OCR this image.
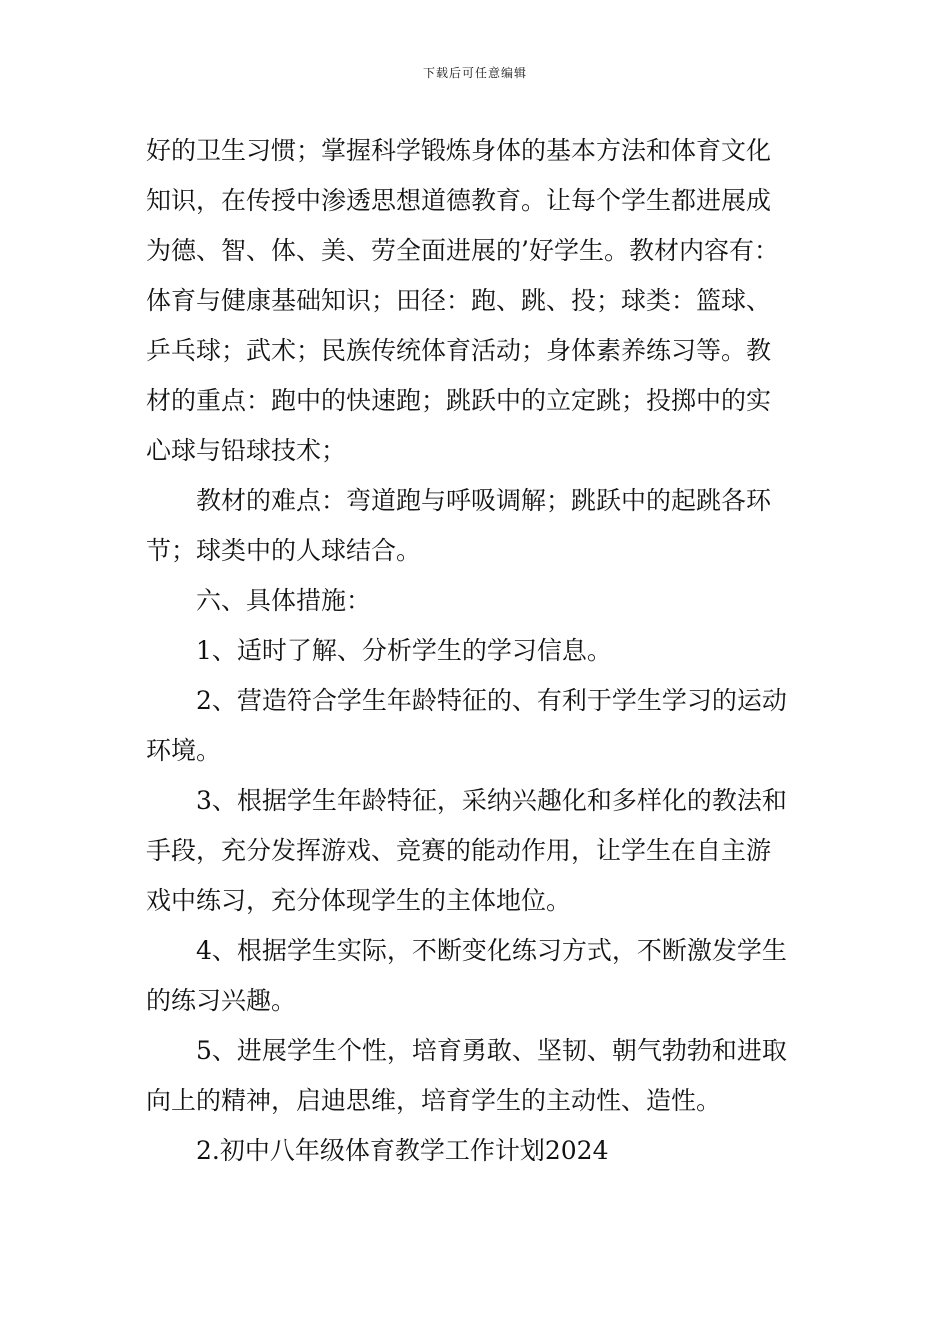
下载后可任意编辑
好的卫生习惯；掌握科学锻炼身体的基本方法和体育文化
知识，在传授中渗透思想道德教育。让每个学生都进展成
为德、智、体、美、劳全面进展的’好学生。教材内容有：
体育与健康基础知识；田径：跑、跳、投；球类：篮球、
乒乓球；武术；民族传统体育活动；身体素养练习等。教
材的重点：跑中的快速跑；跳跃中的立定跳；投掷中的实
心球与铅球技术；
教材的难点：弯道跑与呼吸调解；跳跃中的起跳各环
节；球类中的人球结合。
六、具体措施：
1、适时了解、分析学生的学习信息。
2、营造符合学生年龄特征的、有利于学生学习的运动
环境。
3、根据学生年龄特征，采纳兴趣化和多样化的教法和
手段，充分发挥游戏、竞赛的能动作用，让学生在自主游
戏中练习，充分体现学生的主体地位。
4、根据学生实际，不断变化练习方式，不断激发学生
的练习兴趣。
5、进展学生个性，培育勇敢、坚韧、朝气勃勃和进取
向上的精神，启迪思维，培育学生的主动性、造性。
2.初中八年级体育教学工作计划2024
